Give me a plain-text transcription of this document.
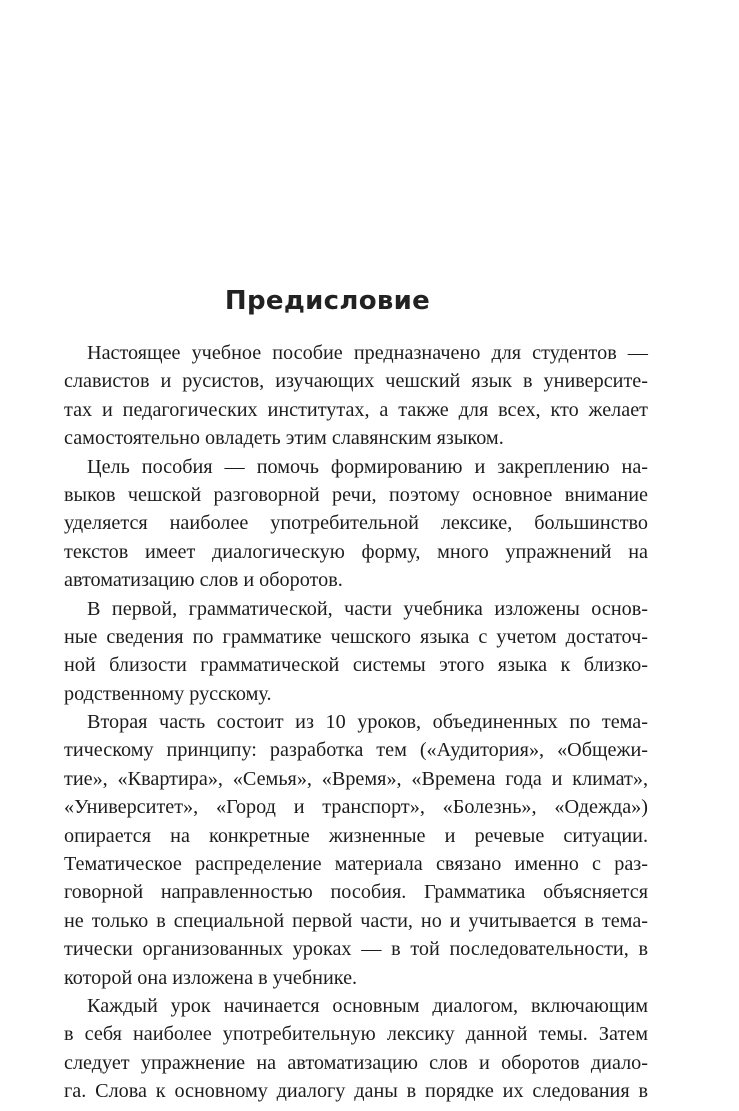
Предисловие
Настоящее учебное пособие предназначено для студентов —
славистов и русистов, изучающих чешский язык в университе-
тах и педагогических институтах, а также для всех, кто желает
самостоятельно овладеть этим славянским языком.
Цель пособия — помочь формированию и закреплению на-
выков чешской разговорной речи, поэтому основное внимание
уделяется наиболее употребительной лексике, большинство
текстов имеет диалогическую форму, много упражнений на
автоматизацию слов и оборотов.
В первой, грамматической, части учебника изложены основ-
ные сведения по грамматике чешского языка с учетом достаточ-
ной близости грамматической системы этого языка к близко-
родственному русскому.
Вторая часть состоит из 10 уроков, объединенных по тема-
тическому принципу: разработка тем («Аудитория», «Общежи-
тие», «Квартира», «Семья», «Время», «Времена года и климат»,
«Университет», «Город и транспорт», «Болезнь», «Одежда»)
опирается на конкретные жизненные и речевые ситуации.
Тематическое распределение материала связано именно с раз-
говорной направленностью пособия. Грамматика объясняется
не только в специальной первой части, но и учитывается в тема-
тически организованных уроках — в той последовательности, в
которой она изложена в учебнике.
Каждый урок начинается основным диалогом, включающим
в себя наиболее употребительную лексику данной темы. Затем
следует упражнение на автоматизацию слов и оборотов диало-
га. Слова к основному диалогу даны в порядке их следования в
